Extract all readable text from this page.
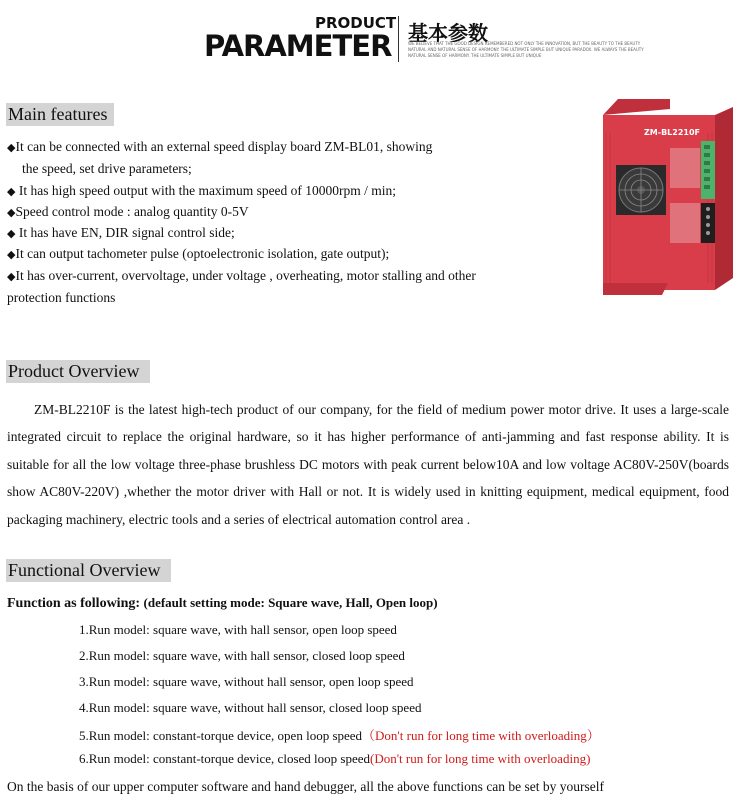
PRODUCT
PARAMETER 基本参数
WE BELIEVE THAT THE GOOD DESIGN REMEMBERED NOT ONLY THE INNOVATION, BUT THE BEAUTY TO THE BEAUTY NATURAL AND NATURAL SENSE OF HARMONY. THE ULTIMATE SIMPLE BUT UNIQUE PARADOX. WE ALWAYS THE BEAUTY NATURAL SENSE OF HARMONY. THE ULTIMATE SIMPLE BUT UNIQUE
Main features
◆It can be connected with an external speed display board ZM-BL01, showing
the speed, set drive parameters;
◆ It has high speed output with the maximum speed of 10000rpm / min;
◆Speed control mode : analog quantity 0-5V
◆ It has have EN, DIR signal control side;
◆It can output tachometer pulse (optoelectronic isolation, gate output);
◆It has over-current, overvoltage, under voltage , overheating, motor stalling and other
protection functions
ZM-BL2210F
Product Overview
ZM-BL2210F is the latest high-tech product of our company, for the field of medium power motor drive. It uses a large-scale integrated circuit to replace the original hardware, so it has higher performance of anti-jamming and fast response ability. It is suitable for all the low voltage three-phase brushless DC motors with peak current below10A and low voltage AC80V-250V(boards show AC80V-220V) ,whether the motor driver with Hall or not. It is widely used in knitting equipment, medical equipment, food packaging machinery, electric tools and a series of electrical automation control area .
Functional Overview
Function as following: (default setting mode: Square wave, Hall, Open loop)
1.Run model: square wave, with hall sensor, open loop speed
2.Run model: square wave, with hall sensor, closed loop speed
3.Run model: square wave, without hall sensor, open loop speed
4.Run model: square wave, without hall sensor, closed loop speed
5.Run model: constant-torque device, open loop speed（Don't run for long time with overloading）
6.Run model: constant-torque device, closed loop speed(Don't run for long time with overloading)
On the basis of our upper computer software and hand debugger, all the above functions can be set by yourself
